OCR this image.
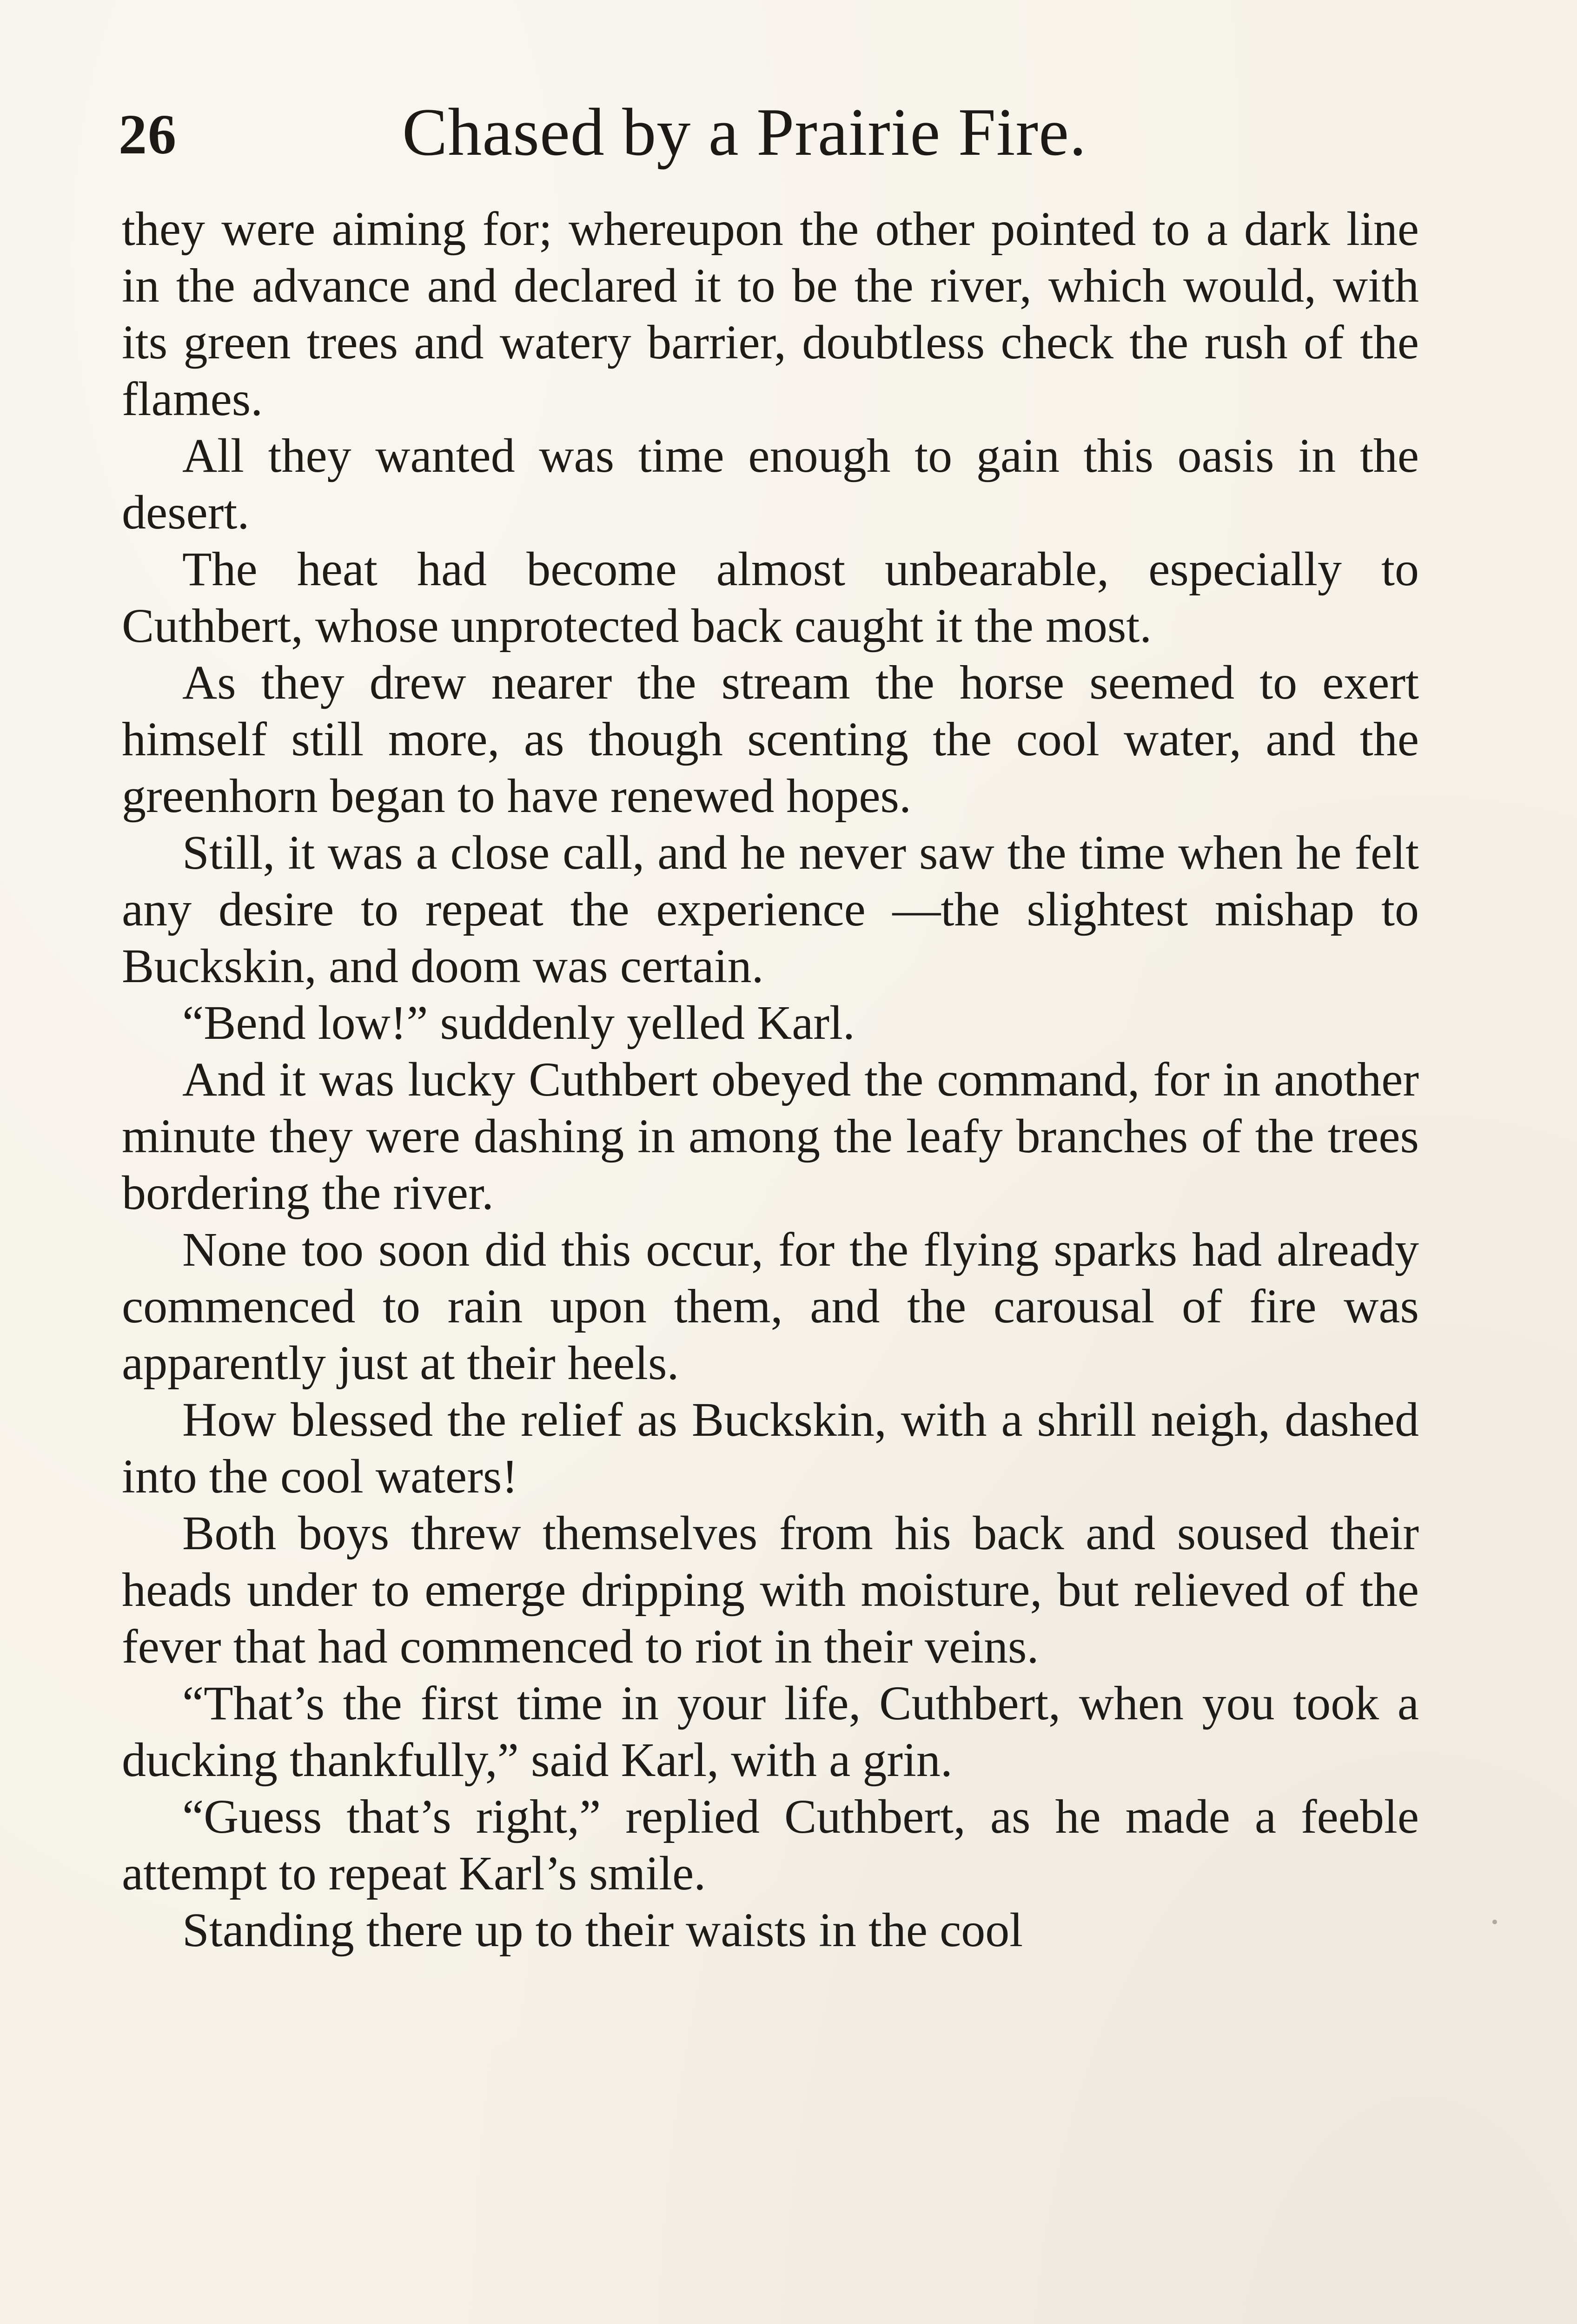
26	Chased by a Prairie Fire.

they were aiming for; whereupon the other pointed to a dark line in the advance and declared it to be the river, which would, with its green trees and watery barrier, doubtless check the rush of the flames.

All they wanted was time enough to gain this oasis in the desert.

The heat had become almost unbearable, especially to Cuthbert, whose unprotected back caught it the most.

As they drew nearer the stream the horse seemed to exert himself still more, as though scenting the cool water, and the greenhorn began to have renewed hopes.

Still, it was a close call, and he never saw the time when he felt any desire to repeat the experience —the slightest mishap to Buckskin, and doom was certain.

“Bend low!” suddenly yelled Karl.

And it was lucky Cuthbert obeyed the command, for in another minute they were dashing in among the leafy branches of the trees bordering the river.

None too soon did this occur, for the flying sparks had already commenced to rain upon them, and the carousal of fire was apparently just at their heels.

How blessed the relief as Buckskin, with a shrill neigh, dashed into the cool waters!

Both boys threw themselves from his back and soused their heads under to emerge dripping with moisture, but relieved of the fever that had commenced to riot in their veins.

“That’s the first time in your life, Cuthbert, when you took a ducking thankfully,” said Karl, with a grin.

“Guess that’s right,” replied Cuthbert, as he made a feeble attempt to repeat Karl’s smile.

Standing there up to their waists in the cool
